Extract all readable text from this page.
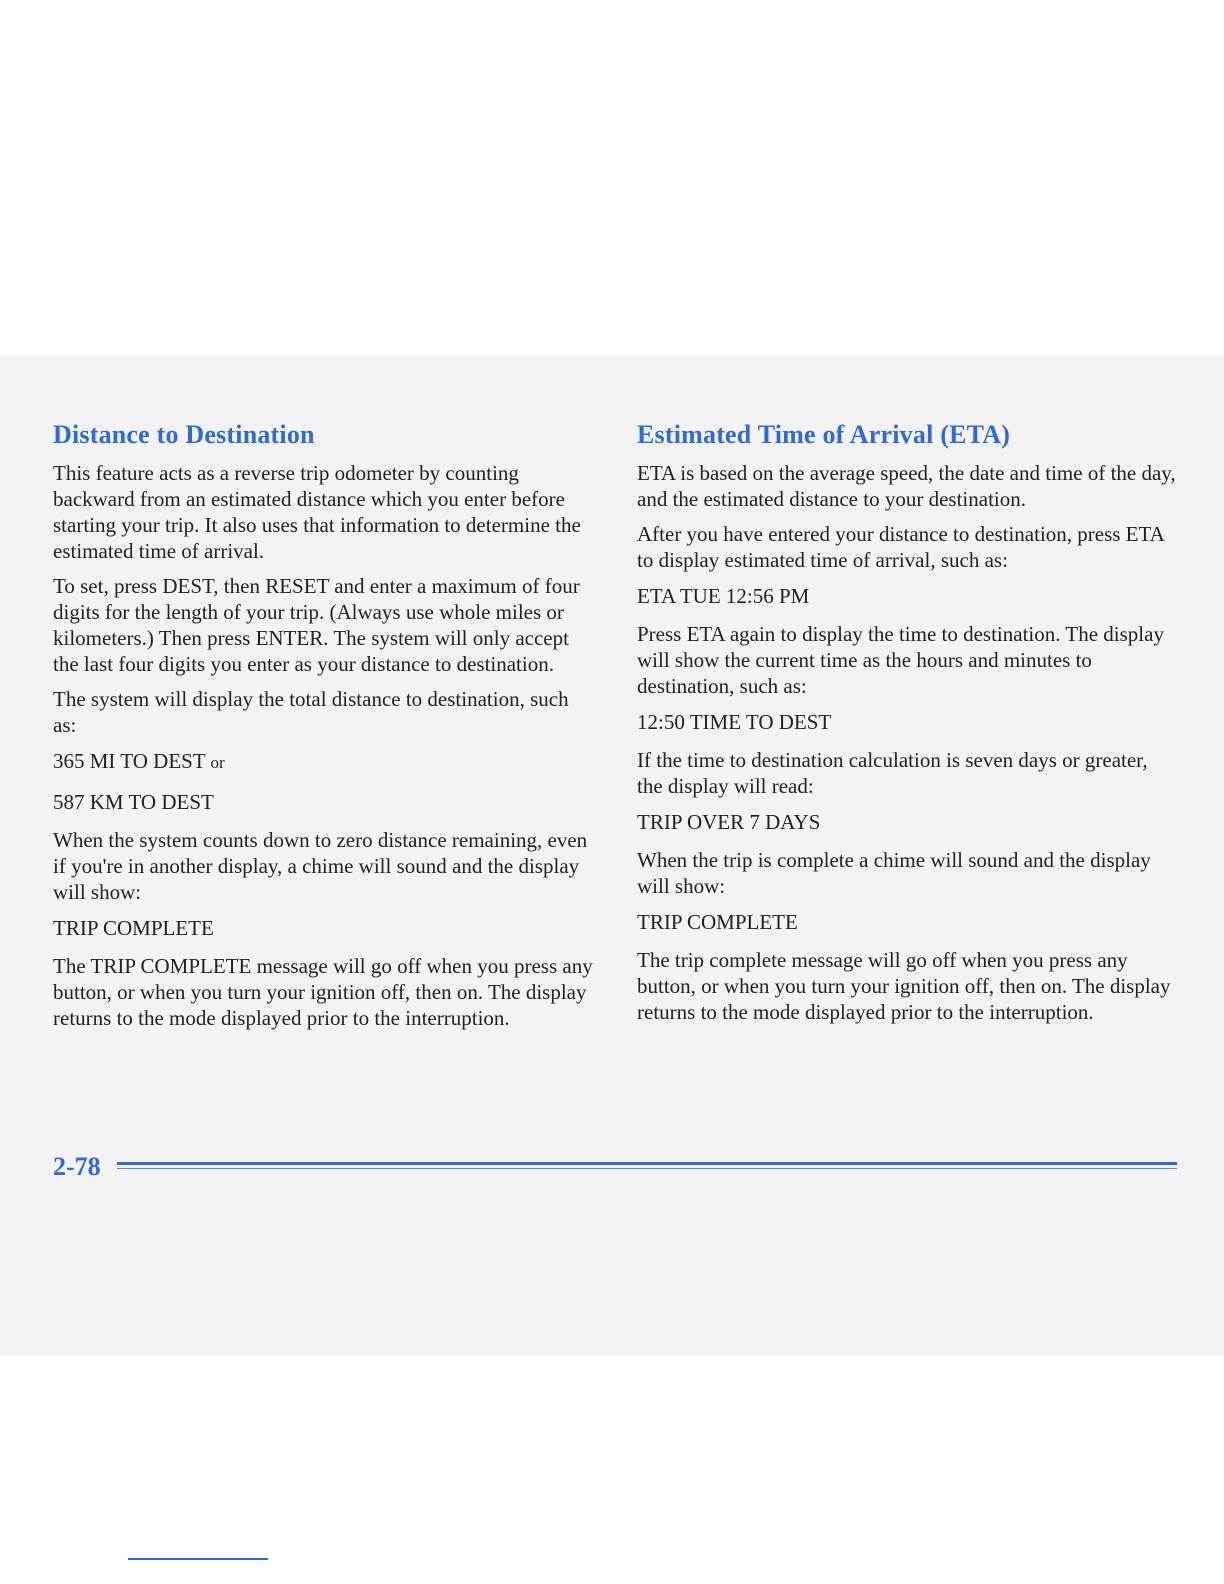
Distance to Destination

This feature acts as a reverse trip odometer by counting backward from an estimated distance which you enter before starting your trip. It also uses that information to determine the estimated time of arrival.

To set, press DEST, then RESET and enter a maximum of four digits for the length of your trip. (Always use whole miles or kilometers.) Then press ENTER. The system will only accept the last four digits you enter as your distance to destination.

The system will display the total distance to destination, such as:

365 MI TO DEST or

587 KM TO DEST

When the system counts down to zero distance remaining, even if you're in another display, a chime will sound and the display will show:

TRIP COMPLETE

The TRIP COMPLETE message will go off when you press any button, or when you turn your ignition off, then on. The display returns to the mode displayed prior to the interruption.

Estimated Time of Arrival (ETA)

ETA is based on the average speed, the date and time of the day, and the estimated distance to your destination.

After you have entered your distance to destination, press ETA to display estimated time of arrival, such as:

ETA TUE 12:56 PM

Press ETA again to display the time to destination. The display will show the current time as the hours and minutes to destination, such as:

12:50 TIME TO DEST

If the time to destination calculation is seven days or greater, the display will read:

TRIP OVER 7 DAYS

When the trip is complete a chime will sound and the display will show:

TRIP COMPLETE

The trip complete message will go off when you press any button, or when you turn your ignition off, then on. The display returns to the mode displayed prior to the interruption.

2-78
